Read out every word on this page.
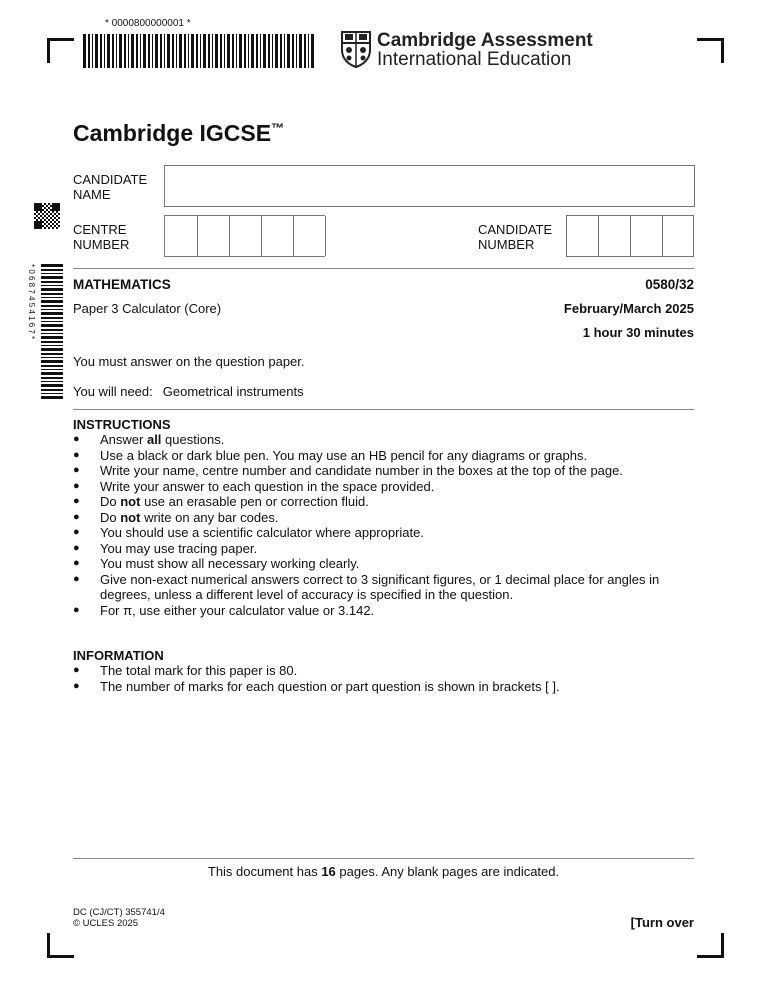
* 0000800000001 *
Cambridge Assessment
International Education
Cambridge IGCSE™
* 0 6 8 7 4 5 4 1 6 7 *
CANDIDATE
NAME
CENTRE
NUMBER
CANDIDATE
NUMBER
MATHEMATICS	0580/32
Paper 3 Calculator (Core)	February/March 2025
1 hour 30 minutes
You must answer on the question paper.
You will need: Geometrical instruments
INSTRUCTIONS
● Answer all questions.
● Use a black or dark blue pen. You may use an HB pencil for any diagrams or graphs.
● Write your name, centre number and candidate number in the boxes at the top of the page.
● Write your answer to each question in the space provided.
● Do not use an erasable pen or correction fluid.
● Do not write on any bar codes.
● You should use a scientific calculator where appropriate.
● You may use tracing paper.
● You must show all necessary working clearly.
● Give non-exact numerical answers correct to 3 significant figures, or 1 decimal place for angles in degrees, unless a different level of accuracy is specified in the question.
● For π, use either your calculator value or 3.142.
INFORMATION
● The total mark for this paper is 80.
● The number of marks for each question or part question is shown in brackets [ ].
This document has 16 pages. Any blank pages are indicated.
DC (CJ/CT) 355741/4
© UCLES 2025	[Turn over
